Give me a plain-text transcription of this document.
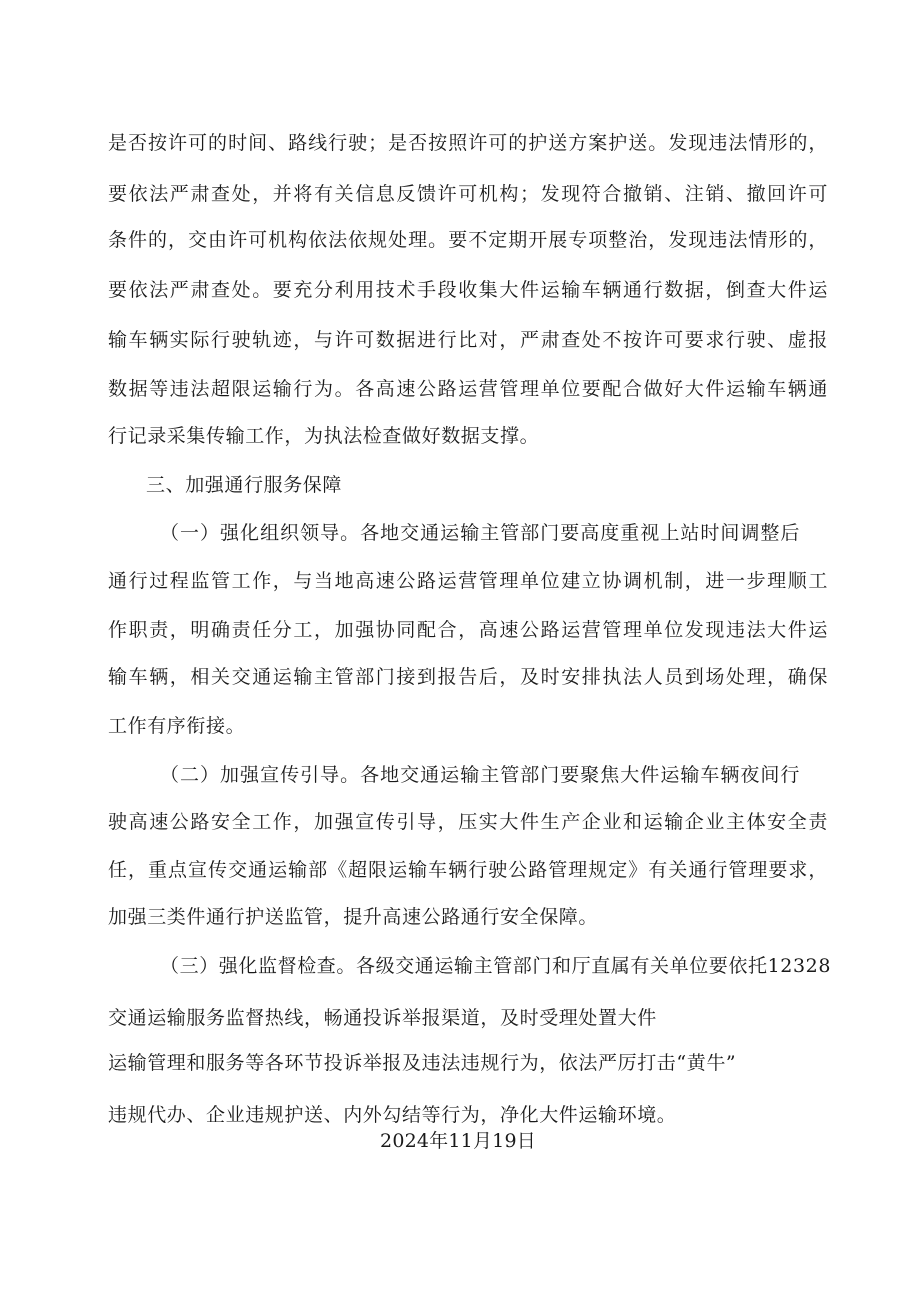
是否按许可的时间、路线行驶；是否按照许可的护送方案护送。发现违法情形的，
要依法严肃查处，并将有关信息反馈许可机构；发现符合撤销、注销、撤回许可
条件的，交由许可机构依法依规处理。要不定期开展专项整治，发现违法情形的，
要依法严肃查处。要充分利用技术手段收集大件运输车辆通行数据，倒查大件运
输车辆实际行驶轨迹，与许可数据进行比对，严肃查处不按许可要求行驶、虚报
数据等违法超限运输行为。各高速公路运营管理单位要配合做好大件运输车辆通
行记录采集传输工作，为执法检查做好数据支撑。
三、加强通行服务保障
（一）强化组织领导。各地交通运输主管部门要高度重视上站时间调整后
通行过程监管工作，与当地高速公路运营管理单位建立协调机制，进一步理顺工
作职责，明确责任分工，加强协同配合，高速公路运营管理单位发现违法大件运
输车辆，相关交通运输主管部门接到报告后，及时安排执法人员到场处理，确保
工作有序衔接。
（二）加强宣传引导。各地交通运输主管部门要聚焦大件运输车辆夜间行
驶高速公路安全工作，加强宣传引导，压实大件生产企业和运输企业主体安全责
任，重点宣传交通运输部《超限运输车辆行驶公路管理规定》有关通行管理要求，
加强三类件通行护送监管，提升高速公路通行安全保障。
（三）强化监督检查。各级交通运输主管部门和厅直属有关单位要依托12328
交通运输服务监督热线，畅通投诉举报渠道，及时受理处置大件
运输管理和服务等各环节投诉举报及违法违规行为，依法严厉打击“黄牛”
违规代办、企业违规护送、内外勾结等行为，净化大件运输环境。
2024年11月19日
